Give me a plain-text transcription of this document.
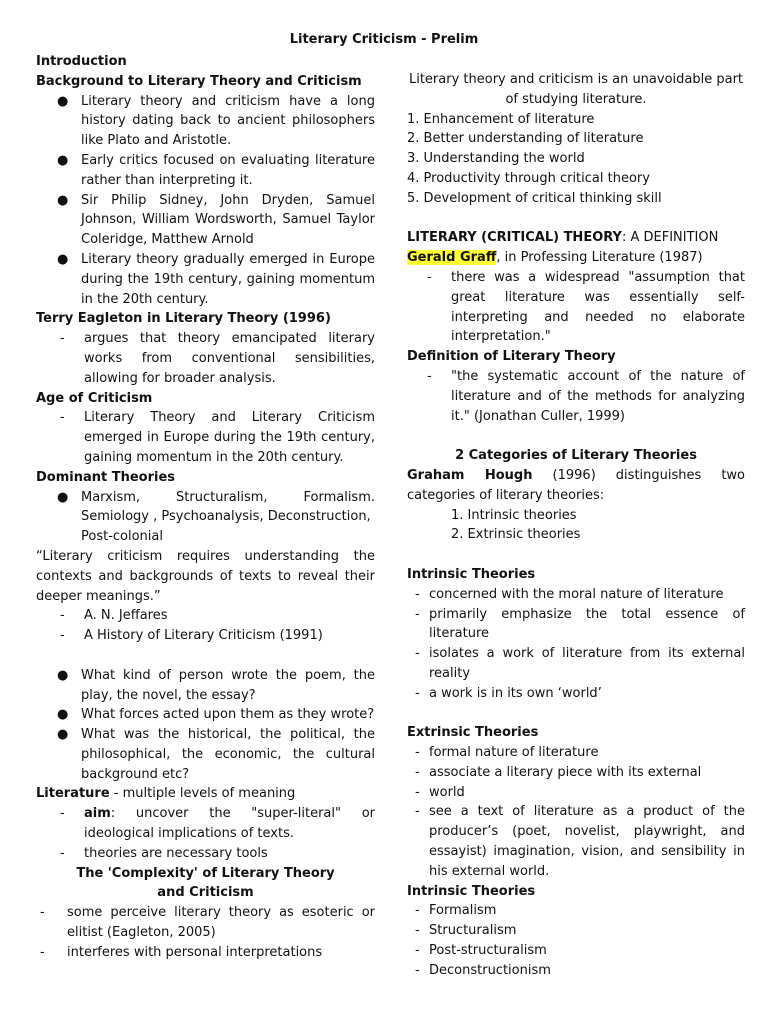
Literary Criticism - Prelim
Introduction
Background to Literary Theory and Criticism
● Literary theory and criticism have a long history dating back to ancient philosophers like Plato and Aristotle.
● Early critics focused on evaluating literature rather than interpreting it.
● Sir Philip Sidney, John Dryden, Samuel Johnson, William Wordsworth, Samuel Taylor Coleridge, Matthew Arnold
● Literary theory gradually emerged in Europe during the 19th century, gaining momentum in the 20th century.
Terry Eagleton in Literary Theory (1996)
-	argues that theory emancipated literary works from conventional sensibilities, allowing for broader analysis.
Age of Criticism
-	Literary Theory and Literary Criticism emerged in Europe during the 19th century, gaining momentum in the 20th century.
Dominant Theories
● Marxism, Structuralism, Formalism.
Semiology , Psychoanalysis, Deconstruction, Post-colonial
“Literary criticism requires understanding the contexts and backgrounds of texts to reveal their
deeper meanings.”
-	A. N. Jeffares
-	A History of Literary Criticism (1991)
● What kind of person wrote the poem, the play, the novel, the essay?
● What forces acted upon them as they wrote?
● What was the historical, the political, the philosophical, the economic, the cultural background etc?
Literature - multiple levels of meaning
-	aim: uncover the "super-literal" or ideological implications of texts.
-	theories are necessary tools
The 'Complexity' of Literary Theory and Criticism
-	some perceive literary theory as esoteric or elitist (Eagleton, 2005)
-	interferes with personal interpretations
Literary theory and criticism is an unavoidable part
of studying literature.
1. Enhancement of literature
2. Better understanding of literature
3. Understanding the world
4. Productivity through critical theory
5. Development of critical thinking skill
LITERARY (CRITICAL) THEORY: A DEFINITION
Gerald Graff, in Professing Literature (1987)
-	there was a widespread "assumption that great literature was essentially self-interpreting and needed no elaborate interpretation."
Definition of Literary Theory
-	"the systematic account of the nature of literature and of the methods for analyzing it." (Jonathan Culler, 1999)
2 Categories of Literary Theories
Graham Hough (1996) distinguishes two categories of literary theories:
1. Intrinsic theories
2. Extrinsic theories
Intrinsic Theories
- concerned with the moral nature of literature
- primarily emphasize the total essence of literature
- isolates a work of literature from its external reality
- a work is in its own ‘world’
Extrinsic Theories
- formal nature of literature
- associate a literary piece with its external
- world
- see a text of literature as a product of the producer’s (poet, novelist, playwright, and essayist) imagination, vision, and sensibility in his external world.
Intrinsic Theories
- Formalism
- Structuralism
- Post-structuralism
- Deconstructionism
